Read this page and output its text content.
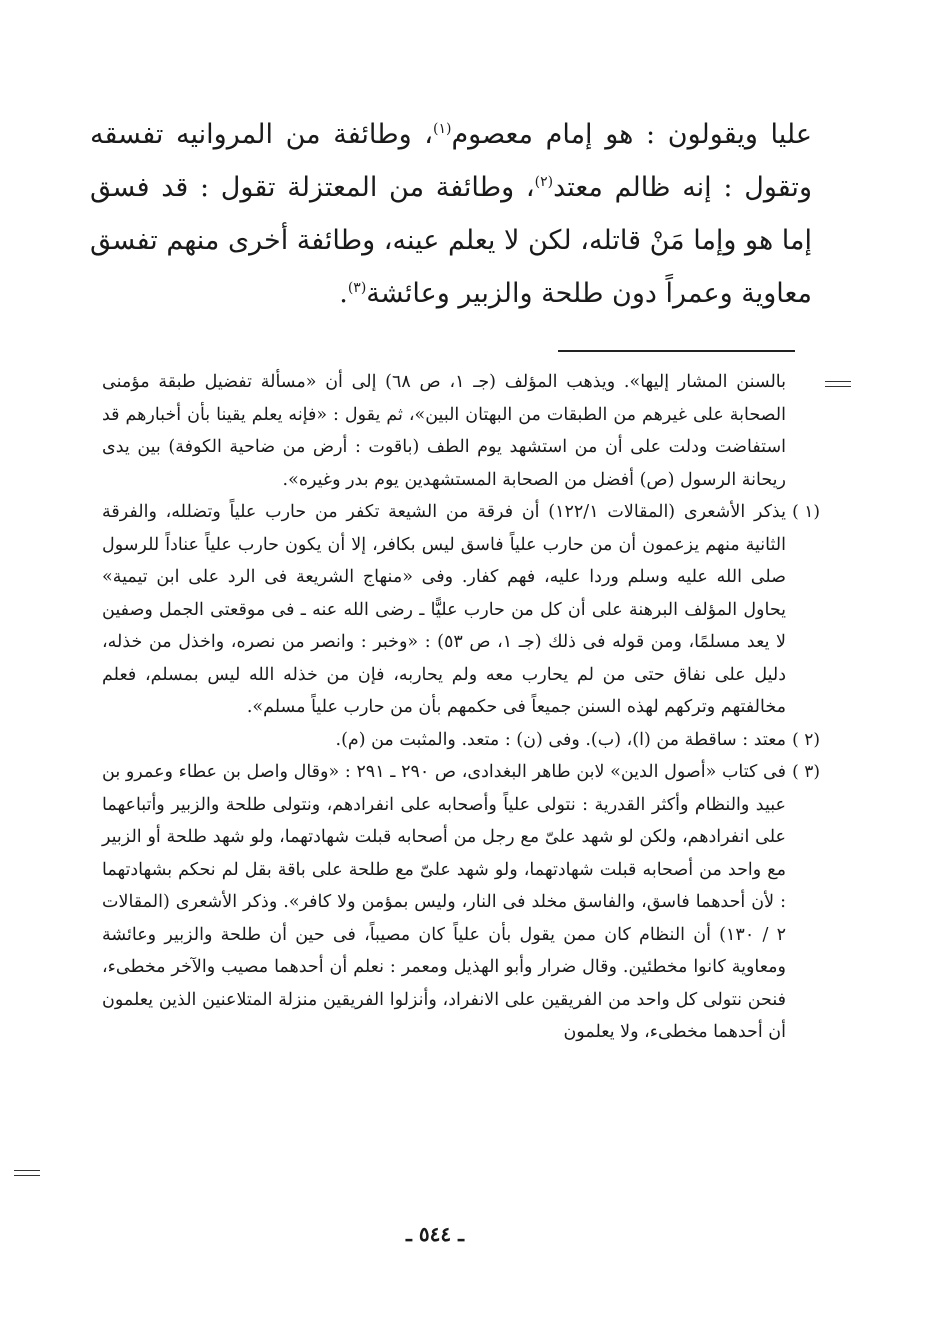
عليا ويقولون : هو إمام معصوم$^{(١)}$، وطائفة من المروانيه تفسقه وتقول : إنه ظالم معتد$^{(٢)}$، وطائفة من المعتزلة تقول : قد فسق إما هو وإما مَنْ قاتله، لكن لا يعلم عينه، وطائفة أخرى منهم تفسق معاوية وعمراً دون طلحة والزبير وعائشة$^{(٣)}$.

بالسنن المشار إليها». ويذهب المؤلف (جـ ١، ص ٦٨) إلى أن «مسألة تفضيل طبقة مؤمنى الصحابة على غيرهم من الطبقات من البهتان البين»، ثم يقول : «فإنه يعلم يقينا بأن أخبارهم قد استفاضت ودلت على أن من استشهد يوم الطف (باقوت : أرض من ضاحية الكوفة) بين يدى ريحانة الرسول (ص) أفضل من الصحابة المستشهدين يوم بدر وغيره».
(١ )
يذكر الأشعرى (المقالات ١٢٢/١) أن فرقة من الشيعة تكفر من حارب علياً وتضلله، والفرقة الثانية منهم يزعمون أن من حارب علياً فاسق ليس بكافر، إلا أن يكون حارب علياً عناداً للرسول صلى الله عليه وسلم وردا عليه، فهم كفار. وفى «منهاج الشريعة فى الرد على ابن تيمية» يحاول المؤلف البرهنة على أن كل من حارب عليًّا ـ رضى الله عنه ـ فى موقعتى الجمل وصفين لا يعد مسلمًا، ومن قوله فى ذلك (جـ ١، ص ٥٣) : «وخبر : وانصر من نصره، واخذل من خذله، دليل على نفاق حتى من لم يحارب معه ولم يحاربه، فإن من خذله الله ليس بمسلم، فعلم مخالفتهم وتركهم لهذه السنن جميعاً فى حكمهم بأن من حارب علياً مسلم».
(٢ )
معتد : ساقطة من (ا)، (ب). وفى (ن) : متعد. والمثبت من (م).
(٣ )
فى كتاب «أصول الدين» لابن طاهر البغدادى، ص ٢٩٠ ـ ٢٩١ : «وقال واصل بن عطاء وعمرو بن عبيد والنظام وأكثر القدرية : نتولى علياً وأصحابه على انفرادهم، ونتولى طلحة والزبير وأتباعهما على انفرادهم، ولكن لو شهد علىّ مع رجل من أصحابه قبلت شهادتهما، ولو شهد طلحة أو الزبير مع واحد من أصحابه قبلت شهادتهما، ولو شهد علىّ مع طلحة على باقة بقل لم نحكم بشهادتهما : لأن أحدهما فاسق، والفاسق مخلد فى النار، وليس بمؤمن ولا كافر». وذكر الأشعرى (المقالات ٢ / ١٣٠) أن النظام كان ممن يقول بأن علياً كان مصيباً، فى حين أن طلحة والزبير وعائشة ومعاوية كانوا مخطئين. وقال ضرار وأبو الهذيل ومعمر : نعلم أن أحدهما مصيب والآخر مخطىء، فنحن نتولى كل واحد من الفريقين على الانفراد، وأنزلوا الفريقين منزلة المتلاعنين الذين يعلمون أن أحدهما مخطىء، ولا يعلمون
ـ ٥٤٤ ـ
